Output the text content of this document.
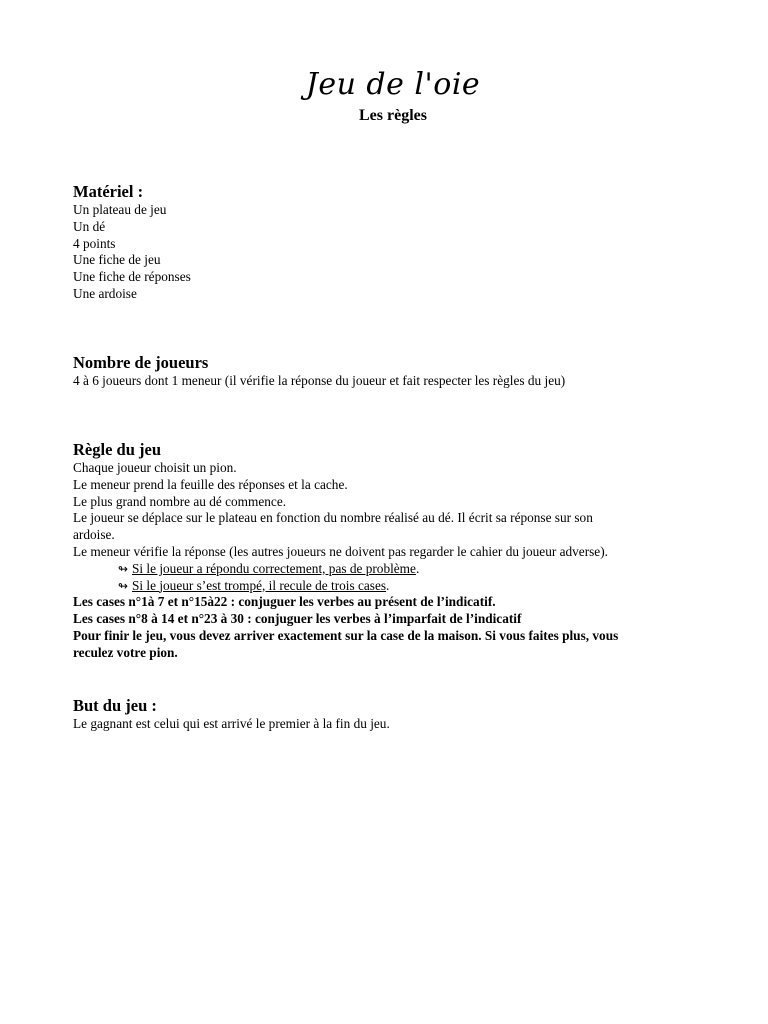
Jeu de l'oie
Les règles

Matériel :

Un plateau de jeu

Un dé

4 points

Une fiche de jeu

Une fiche de réponses

Une ardoise

Nombre de joueurs

4 à 6 joueurs dont 1 meneur (il vérifie la réponse du joueur et fait respecter les règles du jeu)

Règle du jeu

Chaque joueur choisit un pion.

Le meneur prend la feuille des réponses et la cache.

Le plus grand nombre au dé commence.

Le joueur se déplace sur le plateau en fonction du nombre réalisé au dé. Il écrit sa réponse sur son

ardoise.

Le meneur vérifie la réponse (les autres joueurs ne doivent pas regarder le cahier du joueur adverse).

↬ Si le joueur a répondu correctement, pas de problème.

↬ Si le joueur s’est trompé, il recule de trois cases.

Les cases n°1à 7 et n°15à22 : conjuguer les verbes au présent de l’indicatif.

Les cases n°8 à 14 et n°23 à 30 : conjuguer les verbes à l’imparfait de l’indicatif

Pour finir le jeu, vous devez arriver exactement sur la case de la maison. Si vous faites plus, vous

reculez votre pion.

But du jeu :

Le gagnant est celui qui est arrivé le premier à la fin du jeu.
